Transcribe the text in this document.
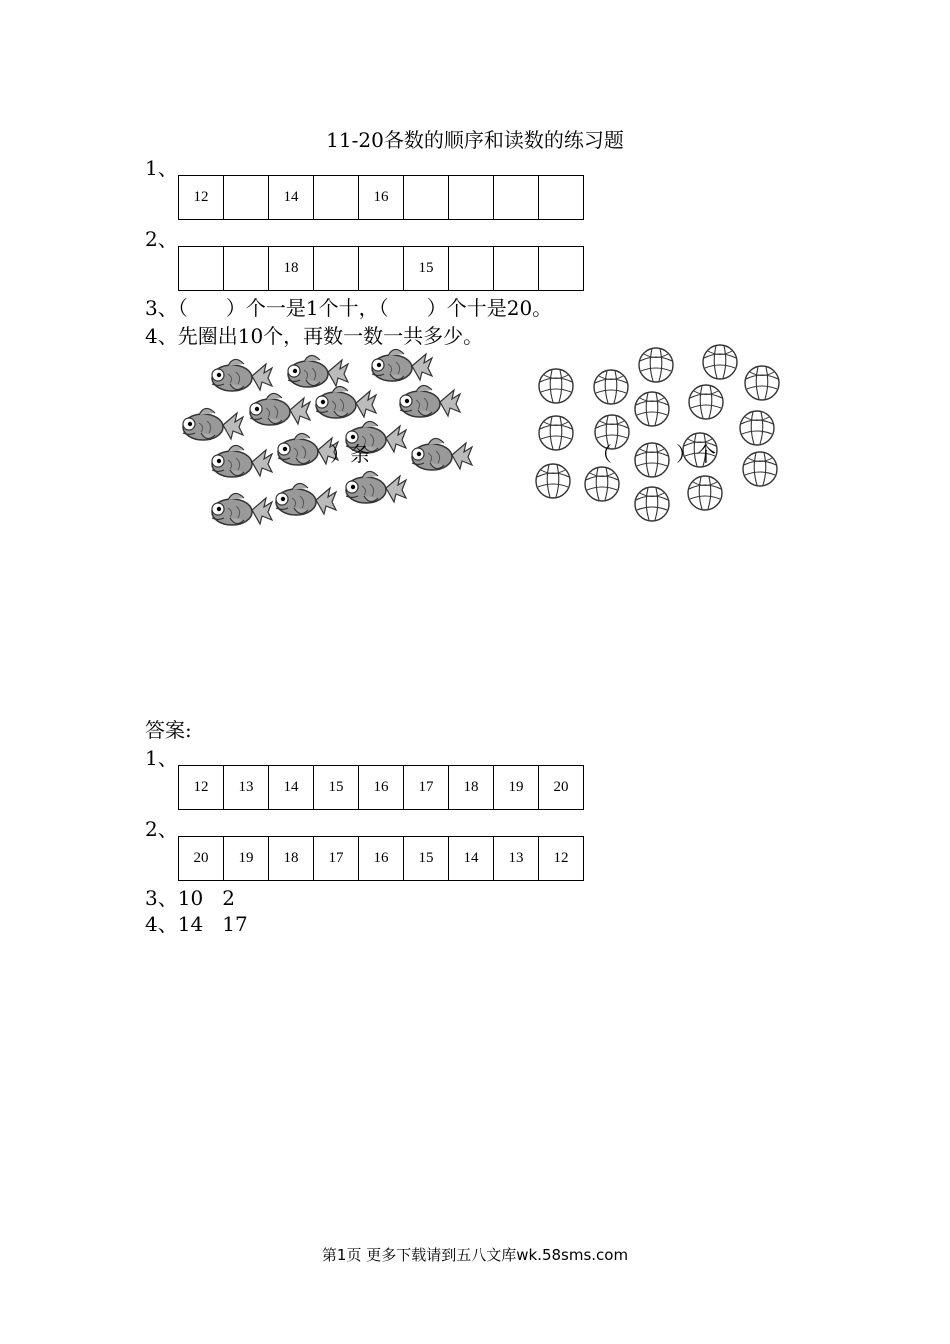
11-20各数的顺序和读数的练习题
1、
12		14		16				
2、
		18			15			
3、（      ）个一是1个十，（      ）个十是20。
4、先圈出10个，再数一数一共多少。
）条	（	）个
答案:
1、
12	13	14	15	16	17	18	19	20
2、
20	19	18	17	16	15	14	13	12
3、10   2
4、14   17
第1页 更多下载请到五八文库wk.58sms.com
